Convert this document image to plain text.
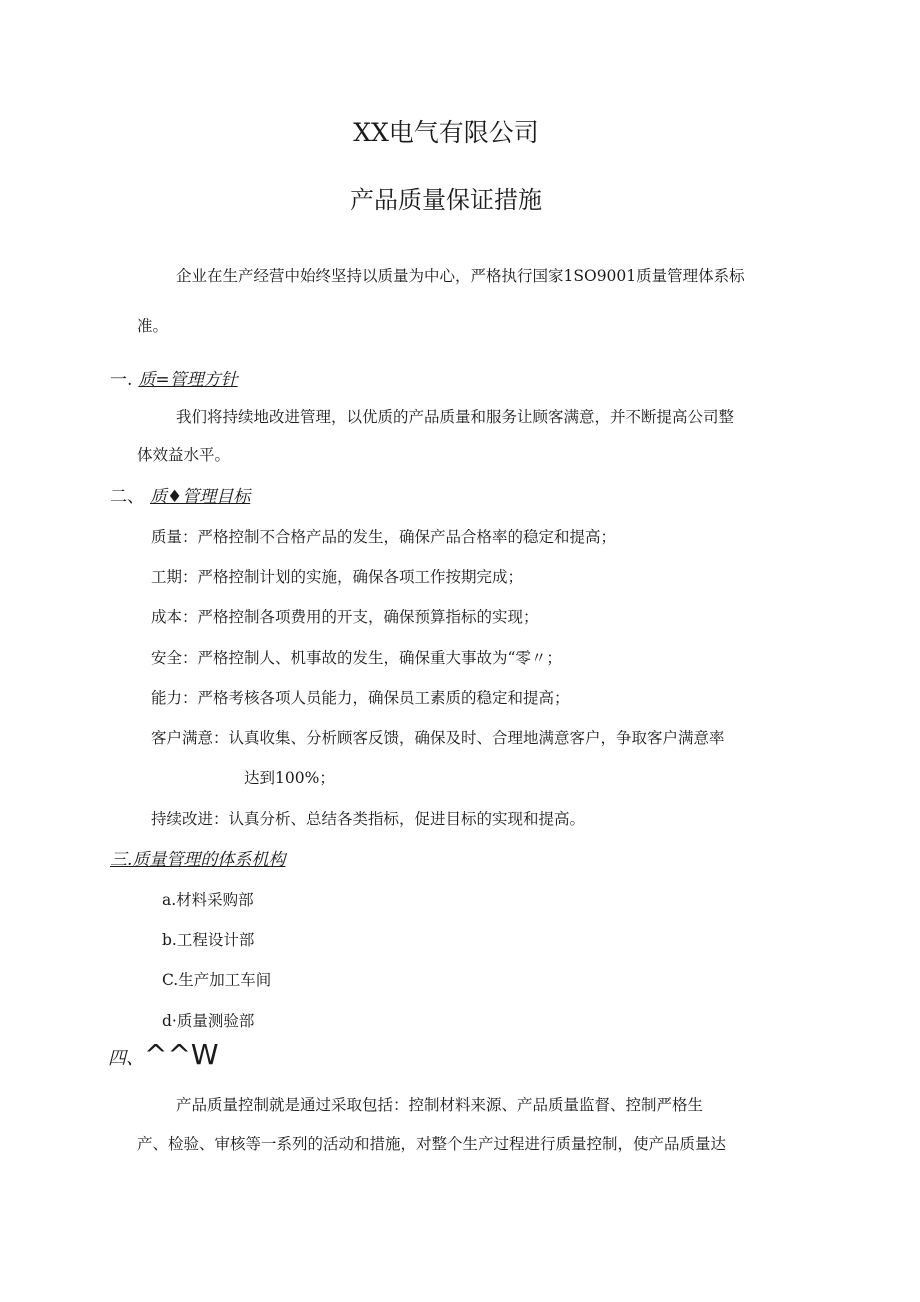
XX电气有限公司
产品质量保证措施
企业在生产经营中始终坚持以质量为中心，严格执行国家1SO9001质量管理体系标
准。
一. 质=管理方针
我们将持续地改进管理，以优质的产品质量和服务让顾客满意，并不断提高公司整
体效益水平。
二、 质♦管理目标
质量：严格控制不合格产品的发生，确保产品合格率的稳定和提高；
工期：严格控制计划的实施，确保各项工作按期完成；
成本：严格控制各项费用的开支，确保预算指标的实现；
安全：严格控制人、机事故的发生，确保重大事故为“零〃；
能力：严格考核各项人员能力，确保员工素质的稳定和提高；
客户满意：认真收集、分析顾客反馈，确保及时、合理地满意客户，争取客户满意率
达到100%；
持续改进：认真分析、总结各类指标，促进目标的实现和提高。
三.质量管理的体系机构
a.材料采购部
b.工程设计部
C.生产加工车间
d·质量测验部
四、^^W
产品质量控制就是通过采取包括：控制材料来源、产品质量监督、控制严格生
产、检验、审核等一系列的活动和措施，对整个生产过程进行质量控制，使产品质量达
